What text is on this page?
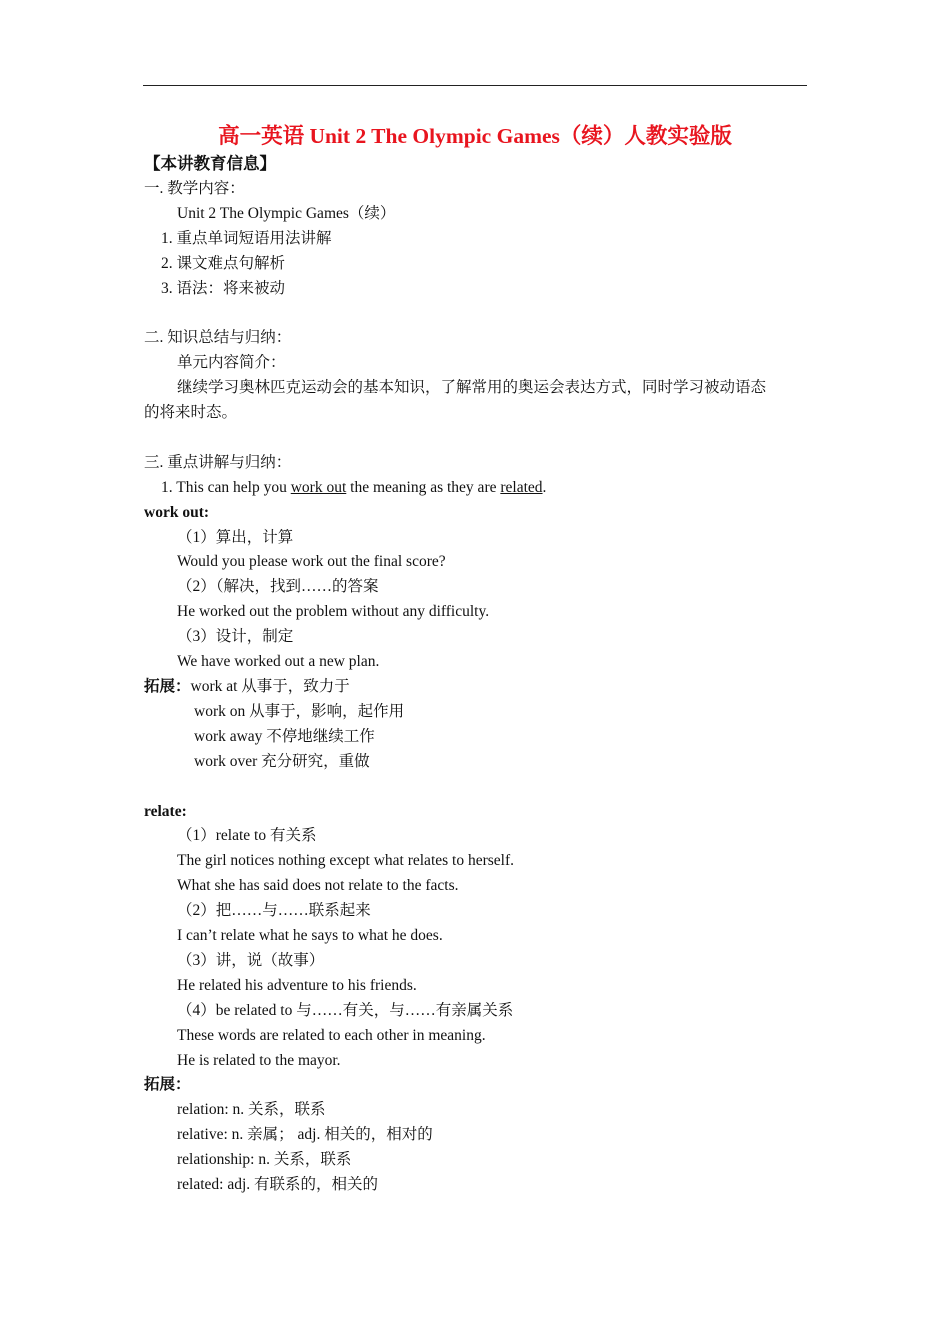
高一英语 Unit 2 The Olympic Games（续）人教实验版
【本讲教育信息】
一. 教学内容：
Unit 2 The Olympic Games（续）
1. 重点单词短语用法讲解
2. 课文难点句解析
3. 语法：将来被动
二. 知识总结与归纳：
单元内容简介：
继续学习奥林匹克运动会的基本知识，了解常用的奥运会表达方式，同时学习被动语态
的将来时态。
三. 重点讲解与归纳：
1. This can help you work out the meaning as they are related.
work out:
（1）算出，计算
Would you please work out the final score?
（2）（解决，找到……的答案
He worked out the problem without any difficulty.
（3）设计，制定
We have worked out a new plan.
拓展：work at 从事于，致力于
work on 从事于，影响，起作用
work away 不停地继续工作
work over 充分研究，重做
relate:
（1）relate to 有关系
The girl notices nothing except what relates to herself.
What she has said does not relate to the facts.
（2）把……与……联系起来
I can’t relate what he says to what he does.
（3）讲，说（故事）
He related his adventure to his friends.
（4）be related to 与……有关，与……有亲属关系
These words are related to each other in meaning.
He is related to the mayor.
拓展：
relation: n. 关系，联系
relative: n. 亲属； adj. 相关的，相对的
relationship: n. 关系，联系
related: adj. 有联系的，相关的
